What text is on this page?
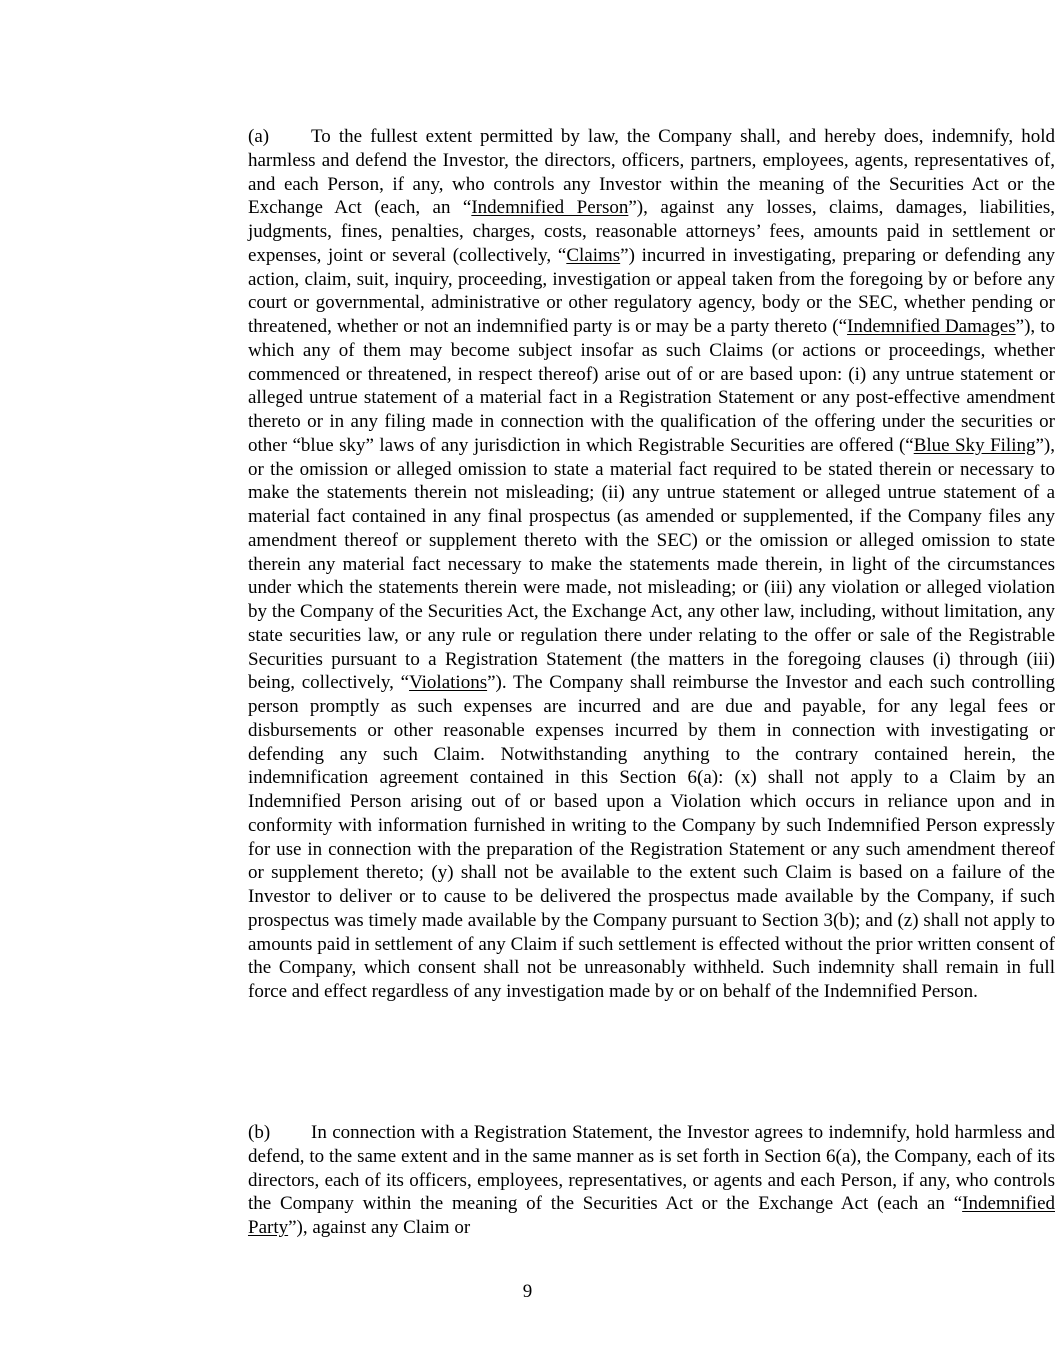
(a) To the fullest extent permitted by law, the Company shall, and hereby does, indemnify, hold harmless and defend the Investor, the directors, officers, partners, employees, agents, representatives of, and each Person, if any, who controls any Investor within the meaning of the Securities Act or the Exchange Act (each, an “Indemnified Person”), against any losses, claims, damages, liabilities, judgments, fines, penalties, charges, costs, reasonable attorneys’ fees, amounts paid in settlement or expenses, joint or several (collectively, “Claims”) incurred in investigating, preparing or defending any action, claim, suit, inquiry, proceeding, investigation or appeal taken from the foregoing by or before any court or governmental, administrative or other regulatory agency, body or the SEC, whether pending or threatened, whether or not an indemnified party is or may be a party thereto (“Indemnified Damages”), to which any of them may become subject insofar as such Claims (or actions or proceedings, whether commenced or threatened, in respect thereof) arise out of or are based upon: (i) any untrue statement or alleged untrue statement of a material fact in a Registration Statement or any post-effective amendment thereto or in any filing made in connection with the qualification of the offering under the securities or other “blue sky” laws of any jurisdiction in which Registrable Securities are offered (“Blue Sky Filing”), or the omission or alleged omission to state a material fact required to be stated therein or necessary to make the statements therein not misleading; (ii) any untrue statement or alleged untrue statement of a material fact contained in any final prospectus (as amended or supplemented, if the Company files any amendment thereof or supplement thereto with the SEC) or the omission or alleged omission to state therein any material fact necessary to make the statements made therein, in light of the circumstances under which the statements therein were made, not misleading; or (iii) any violation or alleged violation by the Company of the Securities Act, the Exchange Act, any other law, including, without limitation, any state securities law, or any rule or regulation there under relating to the offer or sale of the Registrable Securities pursuant to a Registration Statement (the matters in the foregoing clauses (i) through (iii) being, collectively, “Violations”). The Company shall reimburse the Investor and each such controlling person promptly as such expenses are incurred and are due and payable, for any legal fees or disbursements or other reasonable expenses incurred by them in connection with investigating or defending any such Claim. Notwithstanding anything to the contrary contained herein, the indemnification agreement contained in this Section 6(a): (x) shall not apply to a Claim by an Indemnified Person arising out of or based upon a Violation which occurs in reliance upon and in conformity with information furnished in writing to the Company by such Indemnified Person expressly for use in connection with the preparation of the Registration Statement or any such amendment thereof or supplement thereto; (y) shall not be available to the extent such Claim is based on a failure of the Investor to deliver or to cause to be delivered the prospectus made available by the Company, if such prospectus was timely made available by the Company pursuant to Section 3(b); and (z) shall not apply to amounts paid in settlement of any Claim if such settlement is effected without the prior written consent of the Company, which consent shall not be unreasonably withheld. Such indemnity shall remain in full force and effect regardless of any investigation made by or on behalf of the Indemnified Person.

(b) In connection with a Registration Statement, the Investor agrees to indemnify, hold harmless and defend, to the same extent and in the same manner as is set forth in Section 6(a), the Company, each of its directors, each of its officers, employees, representatives, or agents and each Person, if any, who controls the Company within the meaning of the Securities Act or the Exchange Act (each an “Indemnified Party”), against any Claim or

9
